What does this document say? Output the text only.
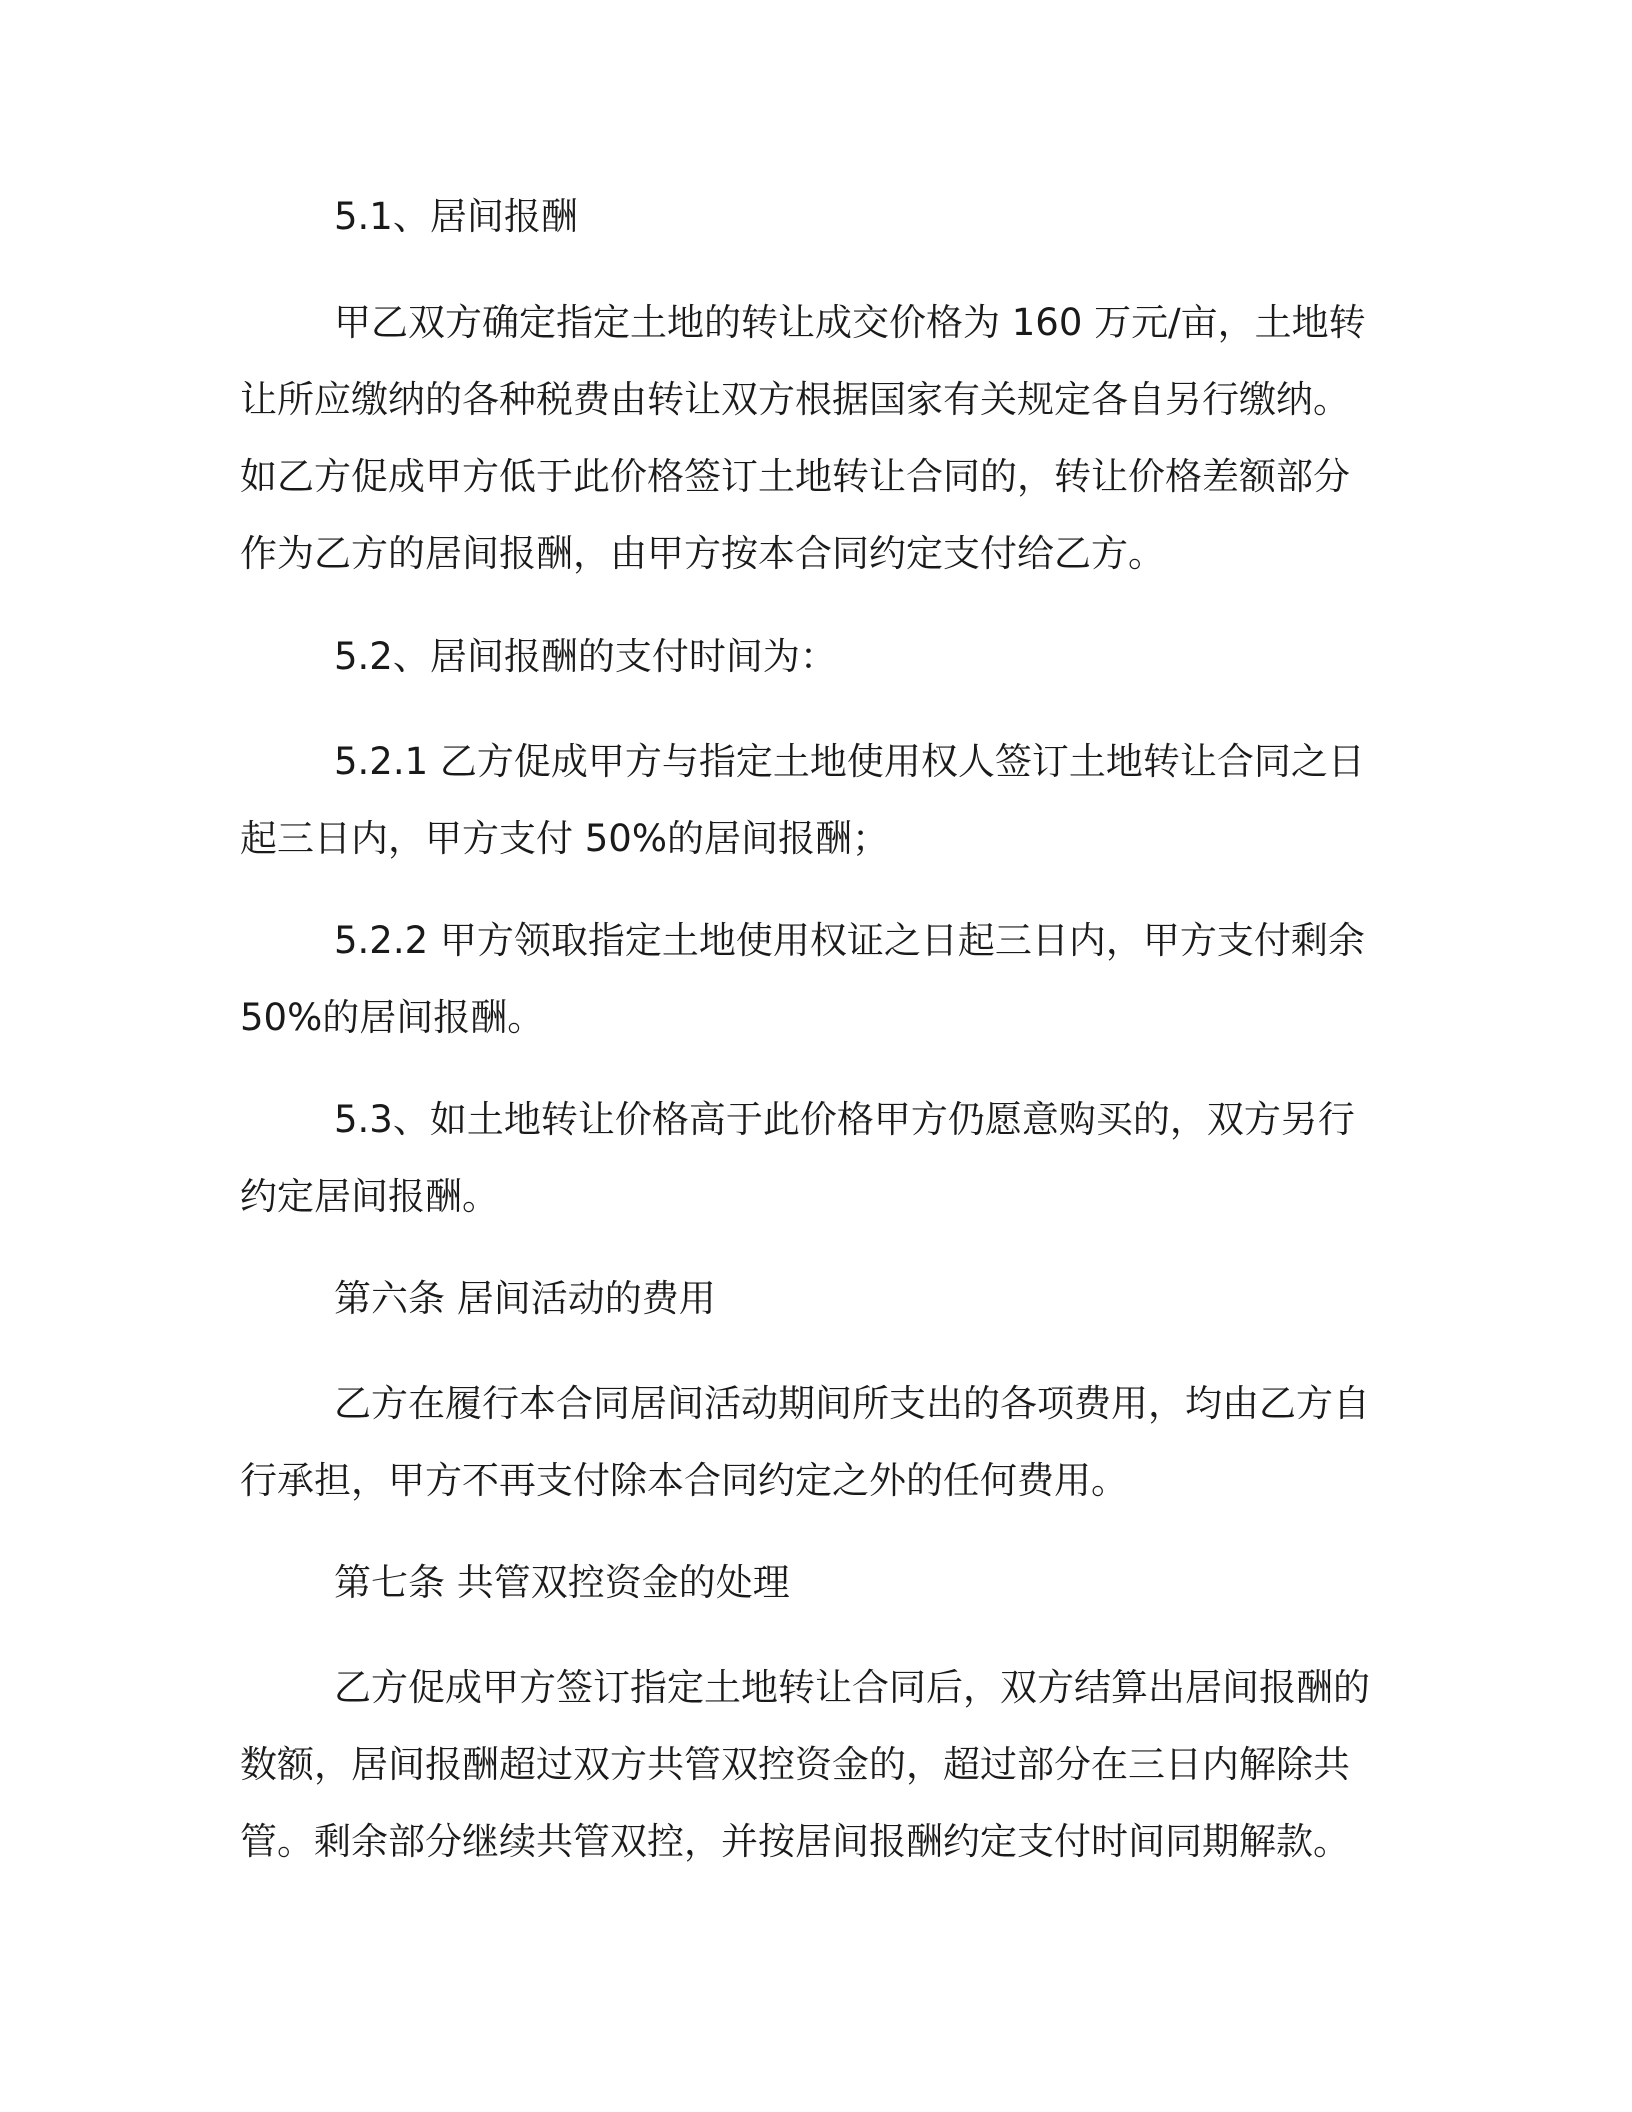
5.1、居间报酬
甲乙双方确定指定土地的转让成交价格为 160 万元/亩，土地转
让所应缴纳的各种税费由转让双方根据国家有关规定各自另行缴纳。
如乙方促成甲方低于此价格签订土地转让合同的，转让价格差额部分
作为乙方的居间报酬，由甲方按本合同约定支付给乙方。
5.2、居间报酬的支付时间为：
5.2.1 乙方促成甲方与指定土地使用权人签订土地转让合同之日
起三日内，甲方支付 50%的居间报酬；
5.2.2 甲方领取指定土地使用权证之日起三日内，甲方支付剩余
50%的居间报酬。
5.3、如土地转让价格高于此价格甲方仍愿意购买的，双方另行
约定居间报酬。
第六条 居间活动的费用
乙方在履行本合同居间活动期间所支出的各项费用，均由乙方自
行承担，甲方不再支付除本合同约定之外的任何费用。
第七条 共管双控资金的处理
乙方促成甲方签订指定土地转让合同后，双方结算出居间报酬的
数额，居间报酬超过双方共管双控资金的，超过部分在三日内解除共
管。剩余部分继续共管双控，并按居间报酬约定支付时间同期解款。
